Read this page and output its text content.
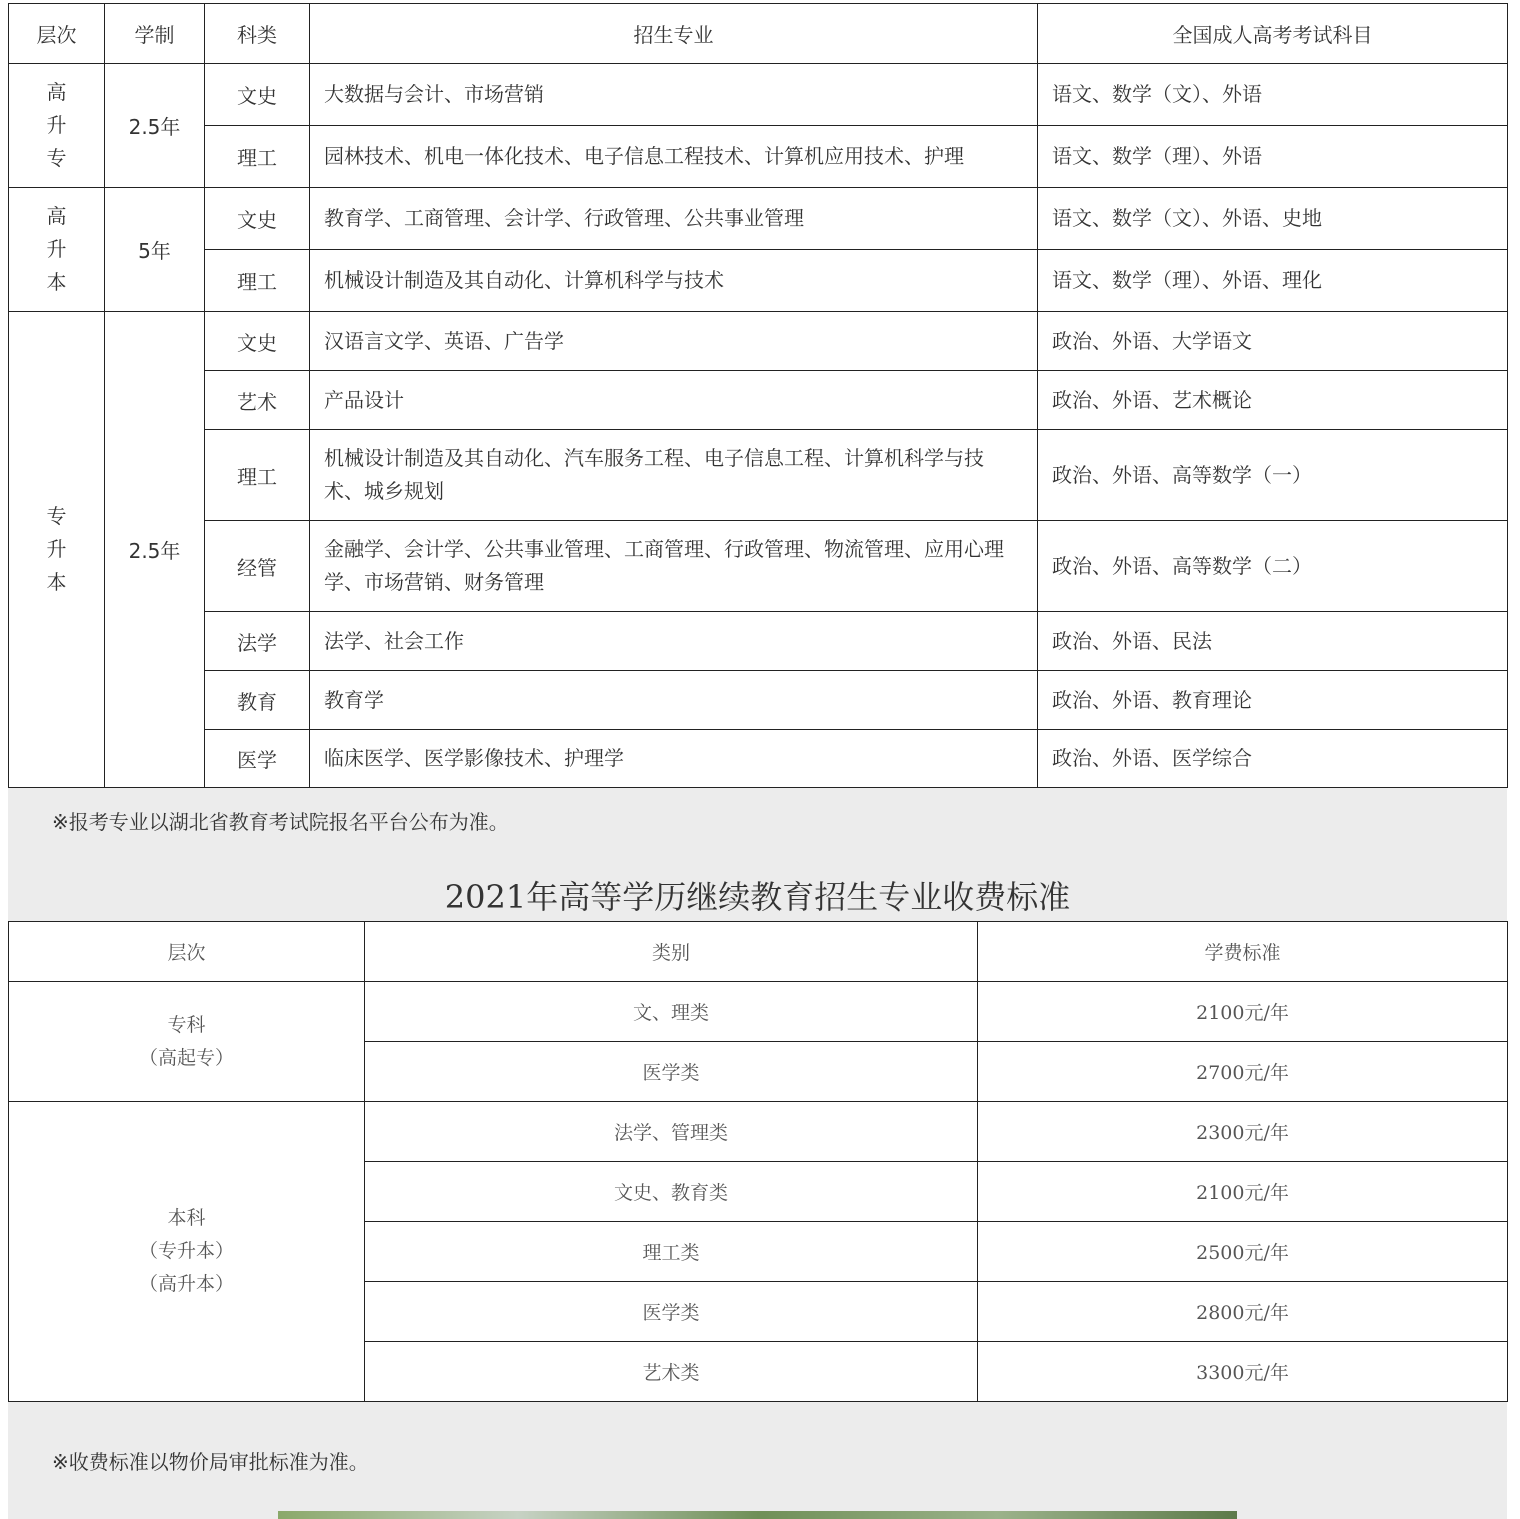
层次	学制	科类	招生专业	全国成人高考考试科目

高
升
专	2.5年	文史	大数据与会计、市场营销	语文、数学（文）、外语
		理工	园林技术、机电一体化技术、电子信息工程技术、计算机应用技术、护理	语文、数学（理）、外语

高
升
本	5年	文史	教育学、工商管理、会计学、行政管理、公共事业管理	语文、数学（文）、外语、史地
		理工	机械设计制造及其自动化、计算机科学与技术	语文、数学（理）、外语、理化

专
升
本	2.5年	文史	汉语言文学、英语、广告学	政治、外语、大学语文
		艺术	产品设计	政治、外语、艺术概论
		理工	机械设计制造及其自动化、汽车服务工程、电子信息工程、计算机科学与技术、城乡规划	政治、外语、高等数学（一）
		经管	金融学、会计学、公共事业管理、工商管理、行政管理、物流管理、应用心理学、市场营销、财务管理	政治、外语、高等数学（二）
		法学	法学、社会工作	政治、外语、民法
		教育	教育学	政治、外语、教育理论
		医学	临床医学、医学影像技术、护理学	政治、外语、医学综合
※报考专业以湖北省教育考试院报名平台公布为准。
2021年高等学历继续教育招生专业收费标准
层次	类别	学费标准

专科
（高起专）	文、理类	2100元/年
	医学类	2700元/年

本科
（专升本）
（高升本）	法学、管理类	2300元/年
	文史、教育类	2100元/年
	理工类	2500元/年
	医学类	2800元/年
	艺术类	3300元/年
※收费标准以物价局审批标准为准。
